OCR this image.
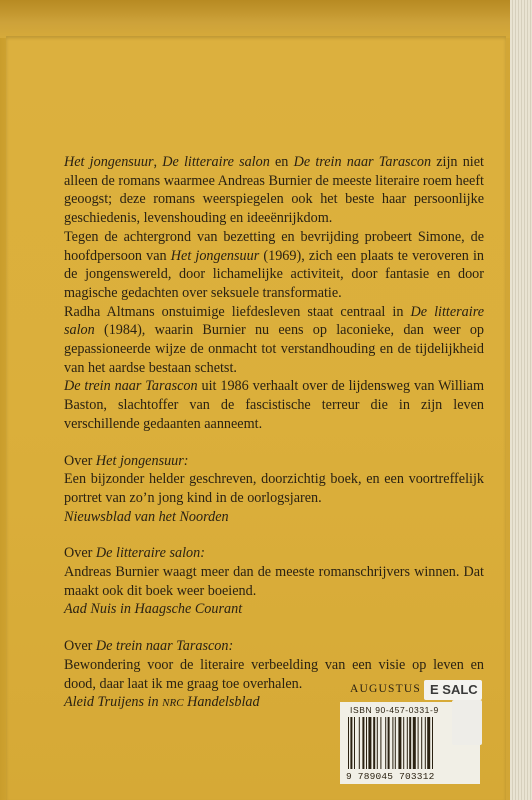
Het jongensuur, De litteraire salon en De trein naar Tarascon zijn niet alleen de romans waarmee Andreas Burnier de meeste literaire roem heeft geoogst; deze romans weerspiegelen ook het beste haar persoonlijke geschiedenis, levenshouding en ideeënrijkdom.

Tegen de achtergrond van bezetting en bevrijding probeert Simone, de hoofdpersoon van Het jongensuur (1969), zich een plaats te veroveren in de jongenswereld, door lichamelijke activiteit, door fantasie en door magische gedachten over seksuele transformatie.

Radha Altmans onstuimige liefdesleven staat centraal in De litteraire salon (1984), waarin Burnier nu eens op laconieke, dan weer op gepassioneerde wijze de onmacht tot verstandhouding en de tijdelijkheid van het aardse bestaan schetst.

De trein naar Tarascon uit 1986 verhaalt over de lijdensweg van William Baston, slachtoffer van de fascistische terreur die in zijn leven verschillende gedaanten aanneemt.

Over Het jongensuur:

Een bijzonder helder geschreven, doorzichtig boek, en een voortreffelijk portret van zo’n jong kind in de oorlogsjaren.

Nieuwsblad van het Noorden
Over De litteraire salon:

Andreas Burnier waagt meer dan de meeste romanschrijvers winnen. Dat maakt ook dit boek weer boeiend.

Aad Nuis in Haagsche Courant
Over De trein naar Tarascon:

Bewondering voor de literaire verbeelding van een visie op leven en dood, daar laat ik me graag toe overhalen.

Aleid Truijens in NRC Handelsblad
AUGUSTUS E SALC
ISBN 90-457-0331-9
9 789045 703312
